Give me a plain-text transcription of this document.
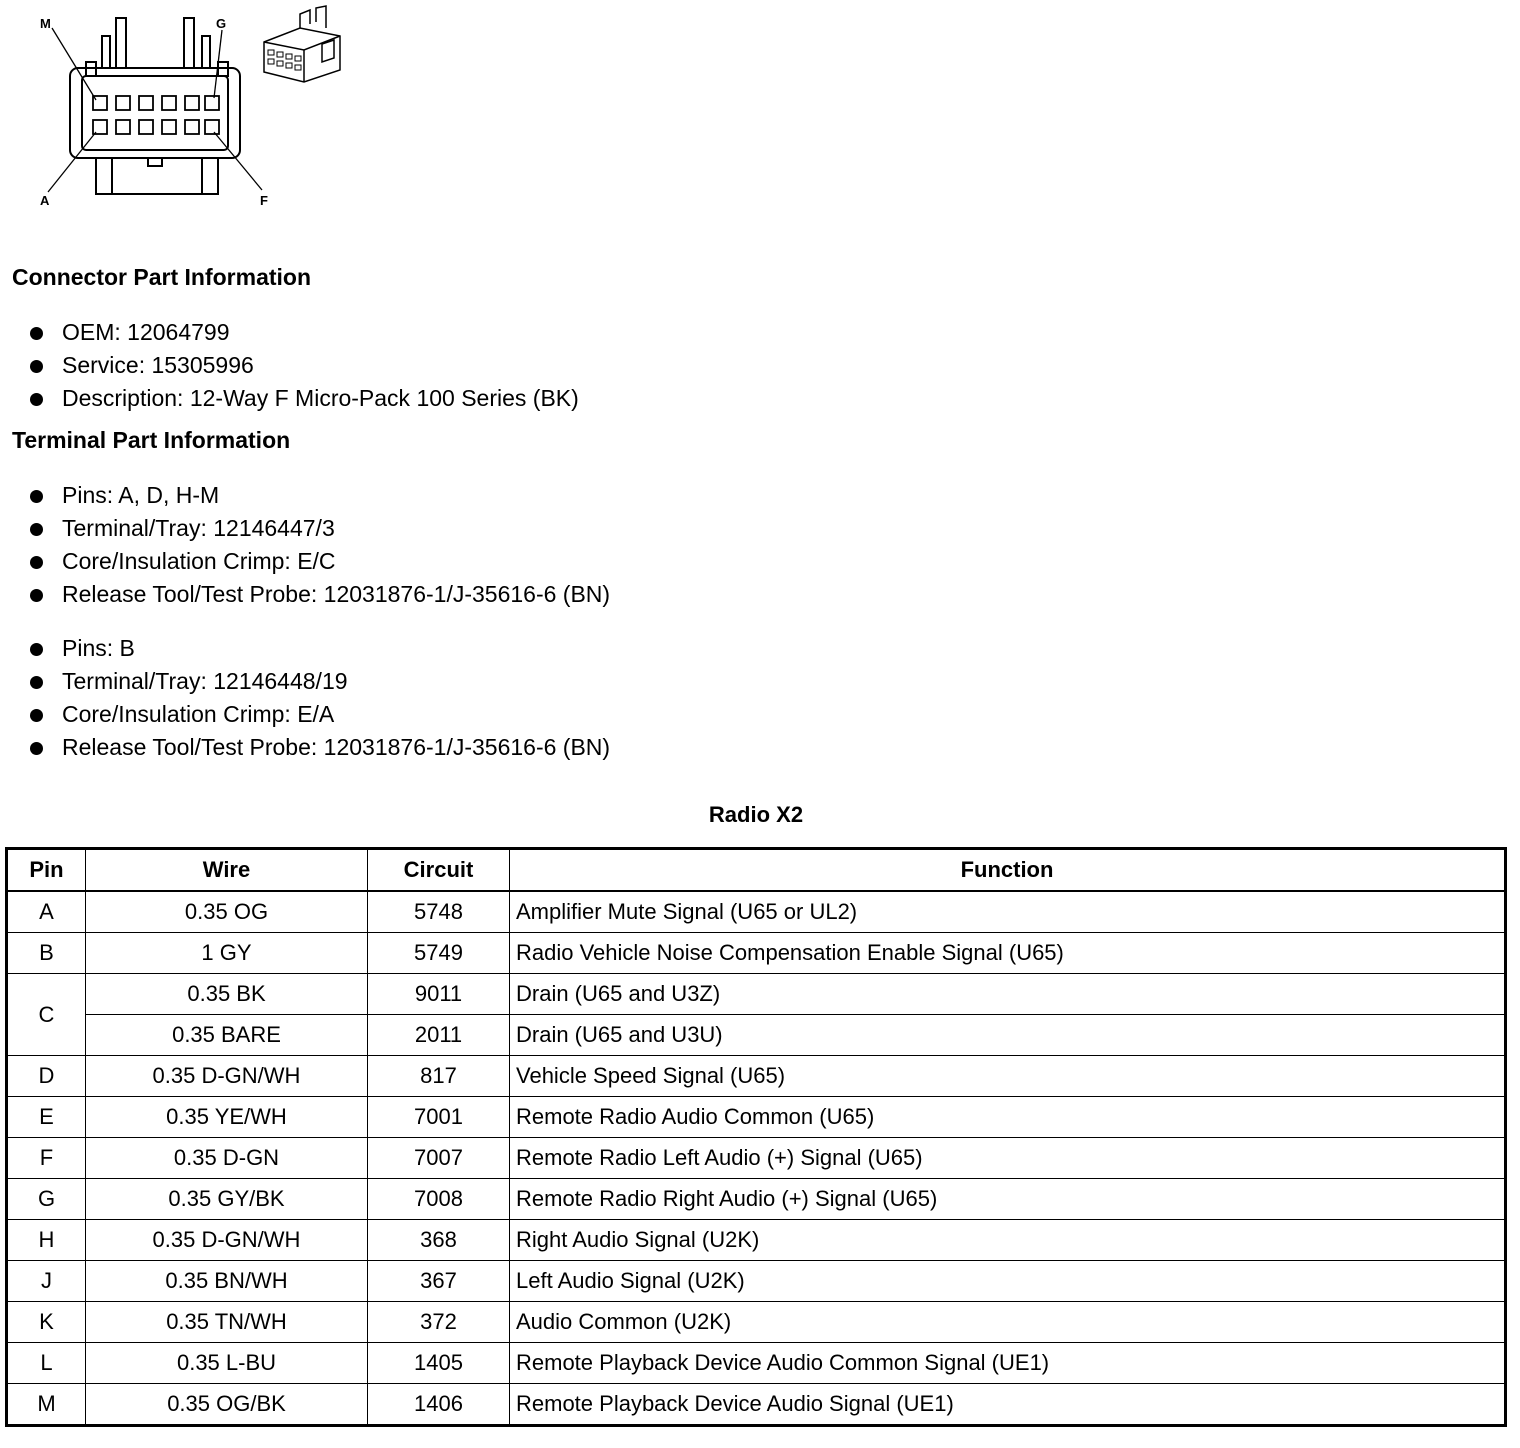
M	G
A	F
Connector Part Information
OEM: 12064799
Service: 15305996
Description: 12-Way F Micro-Pack 100 Series (BK)
Terminal Part Information
Pins: A, D, H-M
Terminal/Tray: 12146447/3
Core/Insulation Crimp: E/C
Release Tool/Test Probe: 12031876-1/J-35616-6 (BN)
Pins: B
Terminal/Tray: 12146448/19
Core/Insulation Crimp: E/A
Release Tool/Test Probe: 12031876-1/J-35616-6 (BN)
Radio X2
Pin	Wire	Circuit	Function
A	0.35 OG	5748	Amplifier Mute Signal (U65 or UL2)
B	1 GY	5749	Radio Vehicle Noise Compensation Enable Signal (U65)
C	0.35 BK	9011	Drain (U65 and U3Z)
	0.35 BARE	2011	Drain (U65 and U3U)
D	0.35 D-GN/WH	817	Vehicle Speed Signal (U65)
E	0.35 YE/WH	7001	Remote Radio Audio Common (U65)
F	0.35 D-GN	7007	Remote Radio Left Audio (+) Signal (U65)
G	0.35 GY/BK	7008	Remote Radio Right Audio (+) Signal (U65)
H	0.35 D-GN/WH	368	Right Audio Signal (U2K)
J	0.35 BN/WH	367	Left Audio Signal (U2K)
K	0.35 TN/WH	372	Audio Common (U2K)
L	0.35 L-BU	1405	Remote Playback Device Audio Common Signal (UE1)
M	0.35 OG/BK	1406	Remote Playback Device Audio Signal (UE1)
